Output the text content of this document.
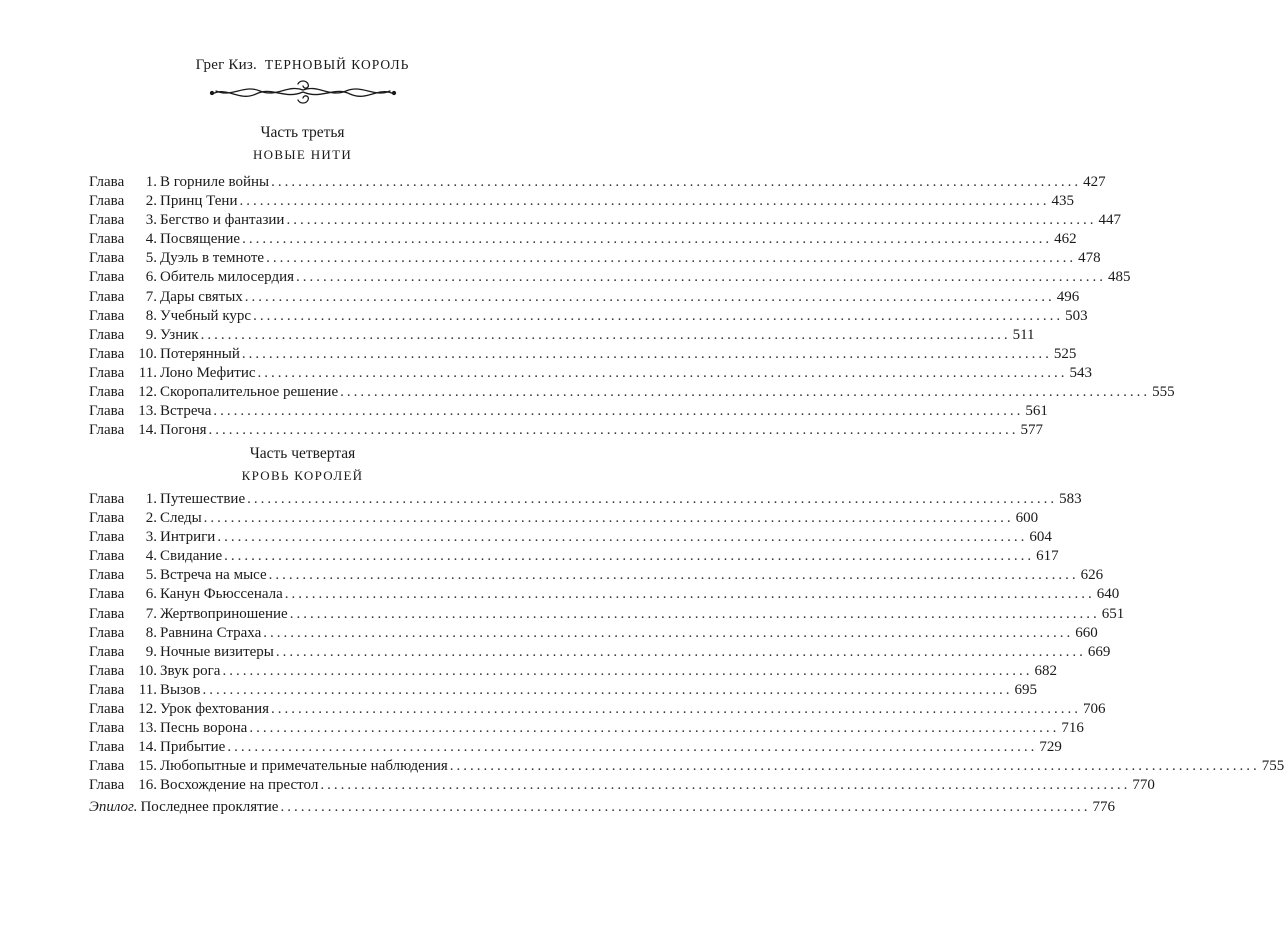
Грег Киз. ТЕРНОВЫЙ КОРОЛЬ
Часть третья
НОВЫЕ НИТИ
Глава	1. В горниле войны ........................................................................................................................ 427
Глава	2. Принц Тени ........................................................................................................................ 435
Глава	3. Бегство и фантазии ........................................................................................................................ 447
Глава	4. Посвящение ........................................................................................................................ 462
Глава	5. Дуэль в темноте ........................................................................................................................ 478
Глава	6. Обитель милосердия ........................................................................................................................ 485
Глава	7. Дары святых ........................................................................................................................ 496
Глава	8. Учебный курс ........................................................................................................................ 503
Глава	9. Узник ........................................................................................................................ 511
Глава 10. Потерянный ........................................................................................................................ 525
Глава 11. Лоно Мефитис ........................................................................................................................ 543
Глава 12. Скоропалительное решение ........................................................................................................................ 555
Глава 13. Встреча ........................................................................................................................ 561
Глава 14. Погоня ........................................................................................................................ 577
Часть четвертая
КРОВЬ КОРОЛЕЙ
Глава	1. Путешествие ........................................................................................................................ 583
Глава	2. Следы ........................................................................................................................ 600
Глава	3. Интриги ........................................................................................................................ 604
Глава	4. Свидание ........................................................................................................................ 617
Глава	5. Встреча на мысе ........................................................................................................................ 626
Глава	6. Канун Фьюссенала ........................................................................................................................ 640
Глава	7. Жертвоприношение ........................................................................................................................ 651
Глава	8. Равнина Страха ........................................................................................................................ 660
Глава	9. Ночные визитеры ........................................................................................................................ 669
Глава 10. Звук рога ........................................................................................................................ 682
Глава 11. Вызов ........................................................................................................................ 695
Глава 12. Урок фехтования ........................................................................................................................ 706
Глава 13. Песнь ворона ........................................................................................................................ 716
Глава 14. Прибытие ........................................................................................................................ 729
Глава 15. Любопытные и примечательные наблюдения ........................................................................................................................ 755
Глава 16. Восхождение на престол ........................................................................................................................ 770
Эпилог. Последнее проклятие ........................................................................................................................ 776
